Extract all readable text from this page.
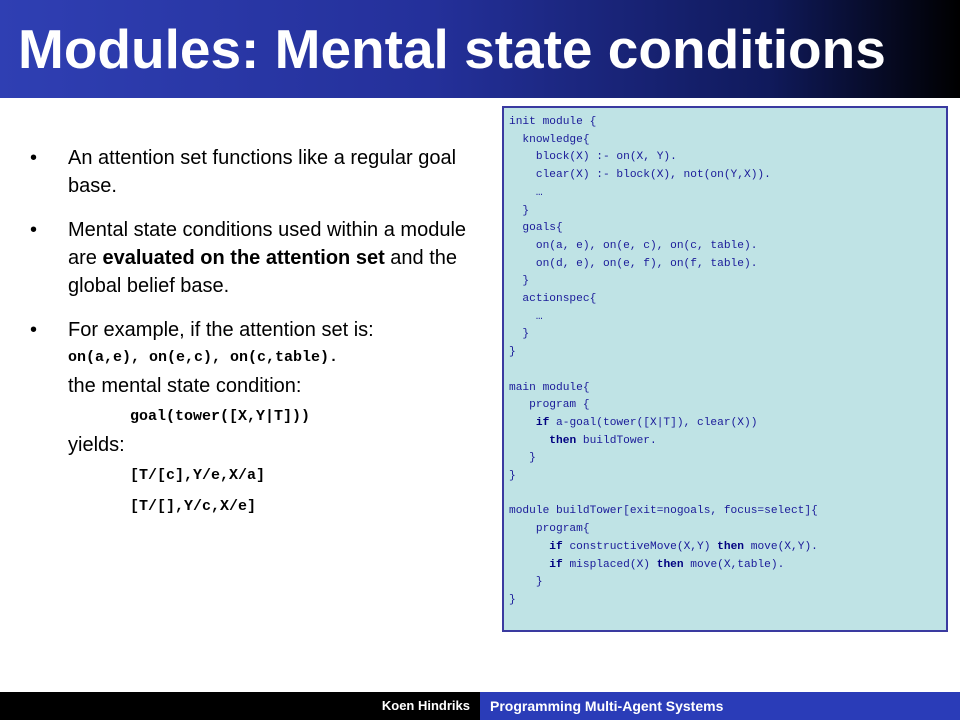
Modules: Mental state conditions
• An attention set functions like a regular goal base.
• Mental state conditions used within a module are evaluated on the attention set and the global belief base.
• For example, if the attention set is:
on(a,e), on(e,c), on(c,table).
the mental state condition:
goal(tower([X,Y|T]))
yields:
[T/[c],Y/e,X/a]
[T/[],Y/c,X/e]
init module {
knowledge{
block(X) :- on(X, Y).
clear(X) :- block(X), not(on(Y,X)).
…
}
goals{
on(a, e), on(e, c), on(c, table).
on(d, e), on(e, f), on(f, table).
}
actionspec{
…
}
}

main module{
program {
if a-goal(tower([X|T]), clear(X))
then buildTower.
}
}

module buildTower[exit=nogoals, focus=select]{
program{
if constructiveMove(X,Y) then move(X,Y).
if misplaced(X) then move(X,table).
}
}

Koen Hindriks	Programming Multi-Agent Systems
